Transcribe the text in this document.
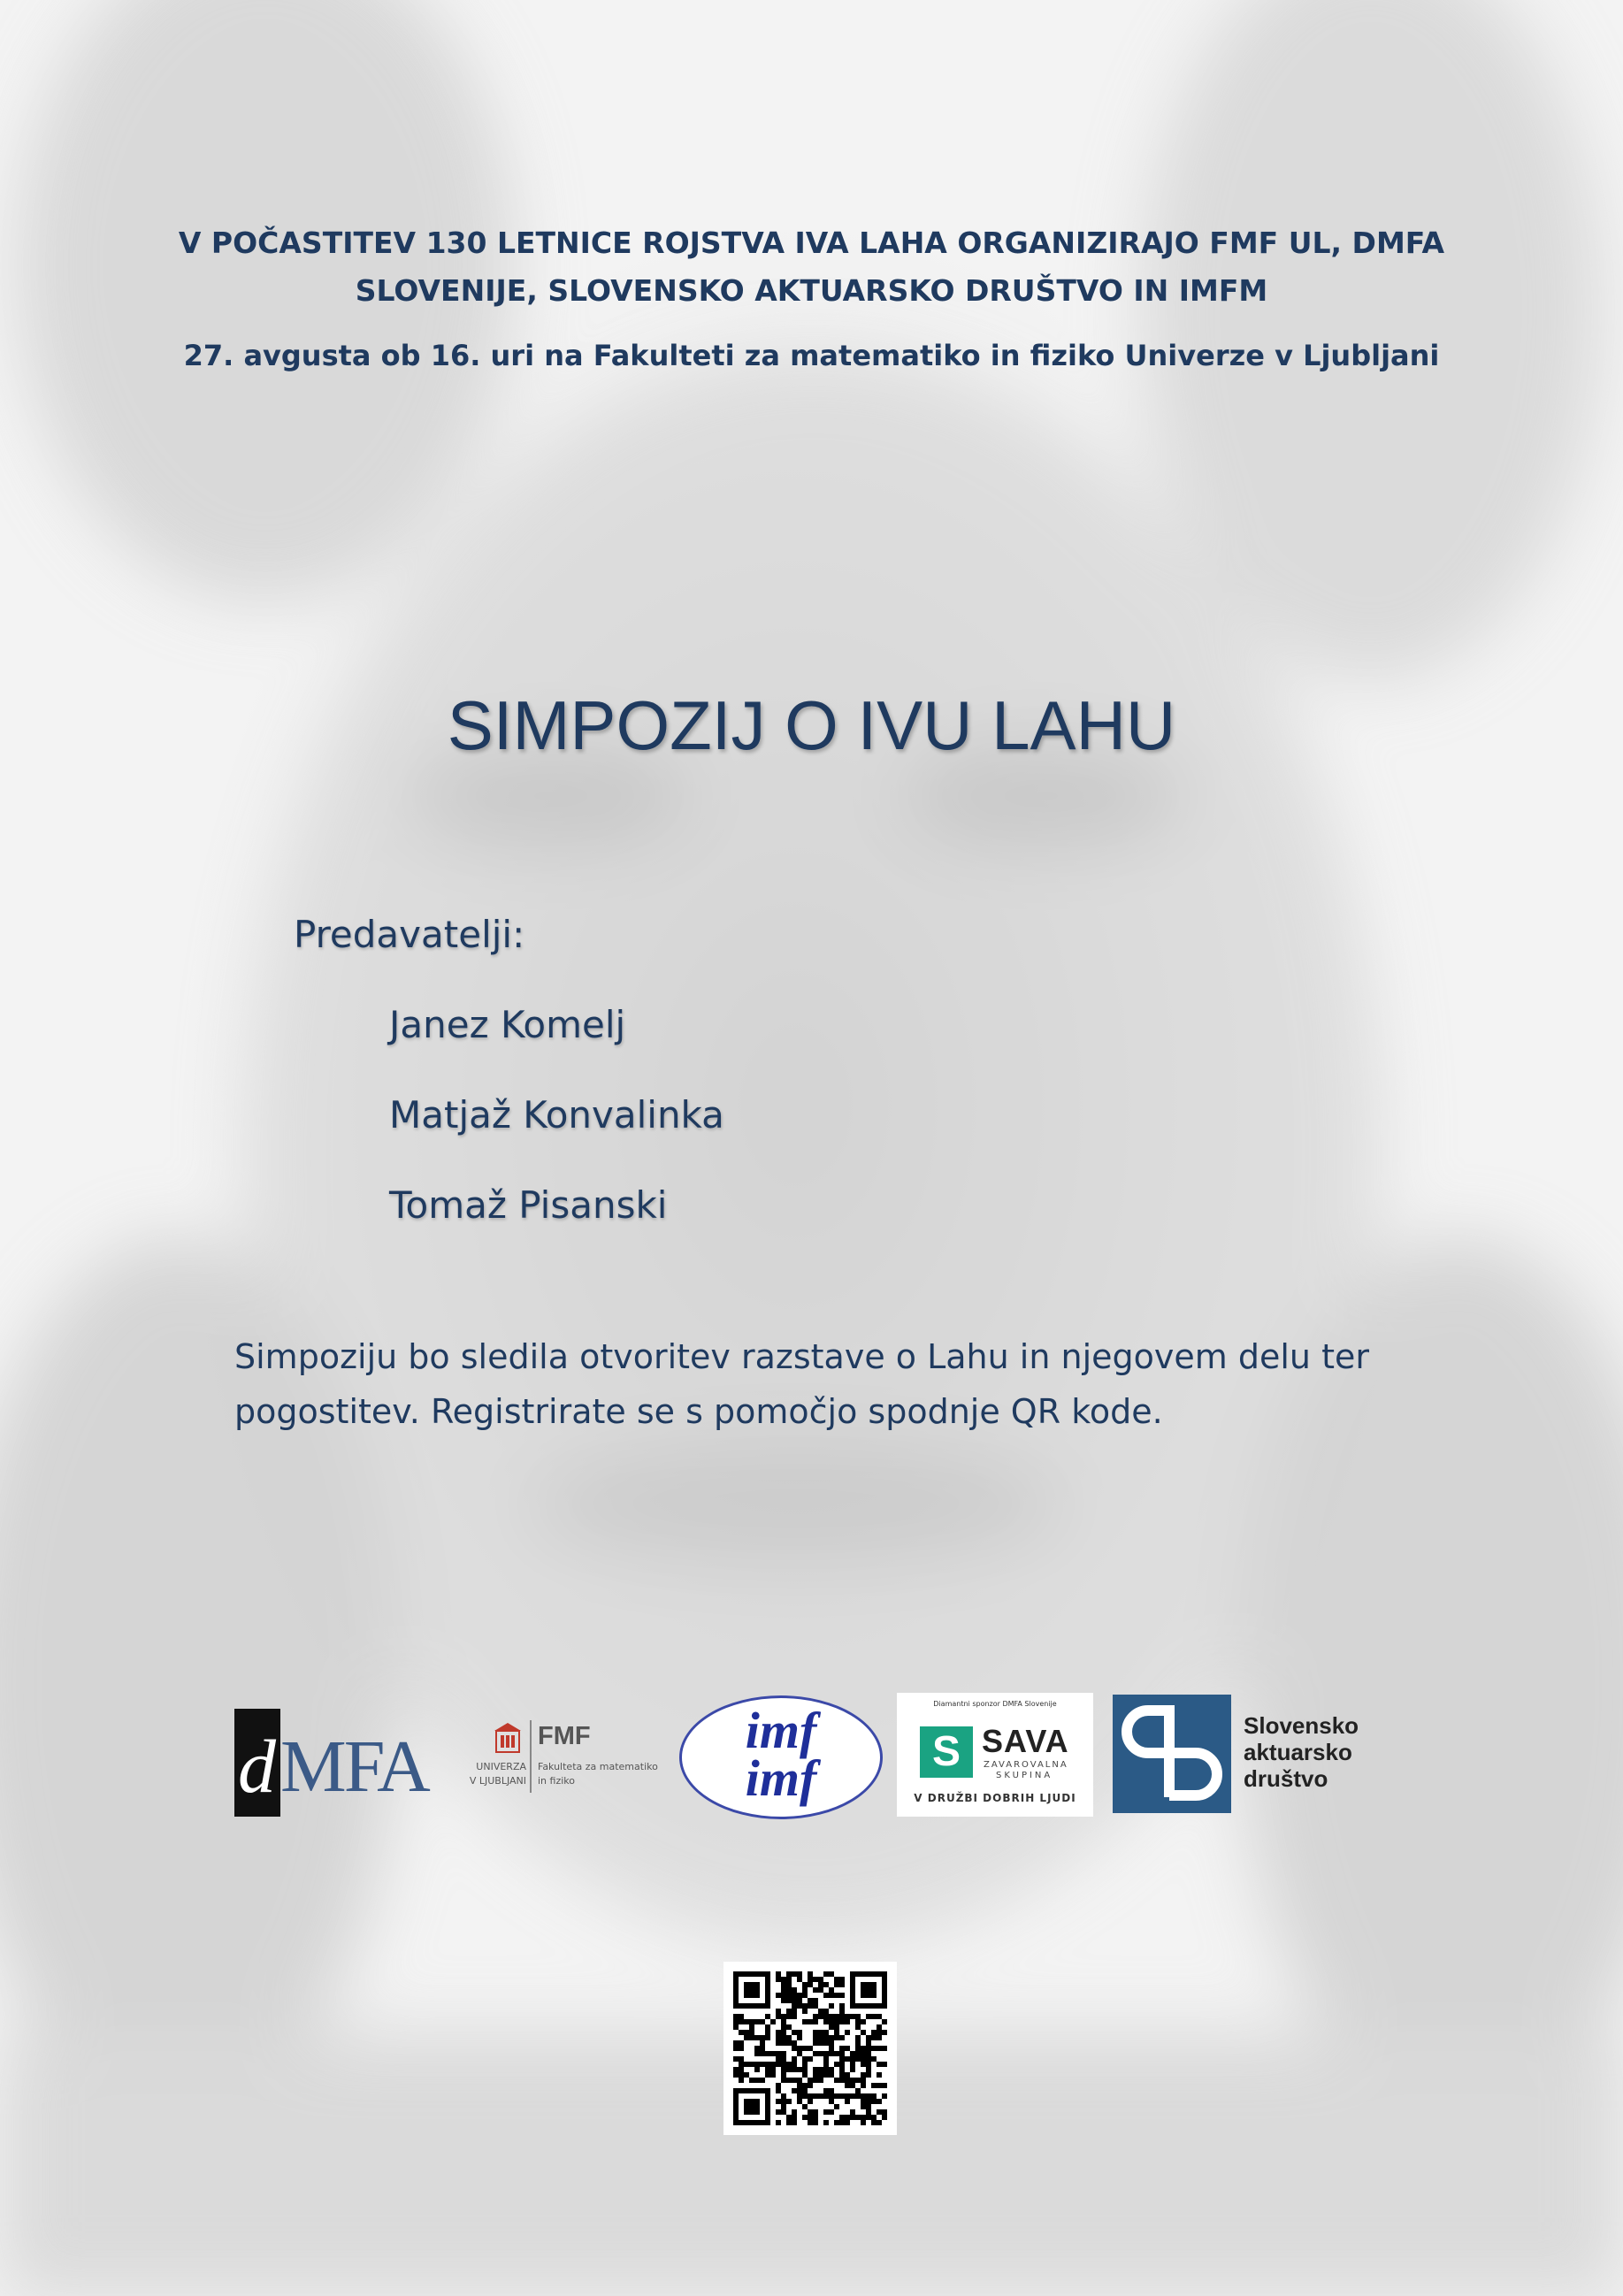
V POČASTITEV 130 LETNICE ROJSTVA IVA LAHA ORGANIZIRAJO FMF UL, DMFA
SLOVENIJE, SLOVENSKO AKTUARSKO DRUŠTVO IN IMFM
27. avgusta ob 16. uri na Fakulteti za matematiko in fiziko Univerze v Ljubljani
SIMPOZIJ O IVU LAHU
Predavatelji:
Janez Komelj
Matjaž Konvalinka
Tomaž Pisanski
Simpoziju bo sledila otvoritev razstave o Lahu in njegovem delu ter
pogostitev. Registrirate se s pomočjo spodnje QR kode.
d MFA	FMF
UNIVERZA
V LJUBLJANI
Fakulteta za matematiko
in fiziko
imf
imf
Diamantni sponzor DMFA Slovenije
S SAVA
ZAVAROVALNA
SKUPINA
V DRUŽBI DOBRIH LJUDI
Slovensko
aktuarsko
društvo
